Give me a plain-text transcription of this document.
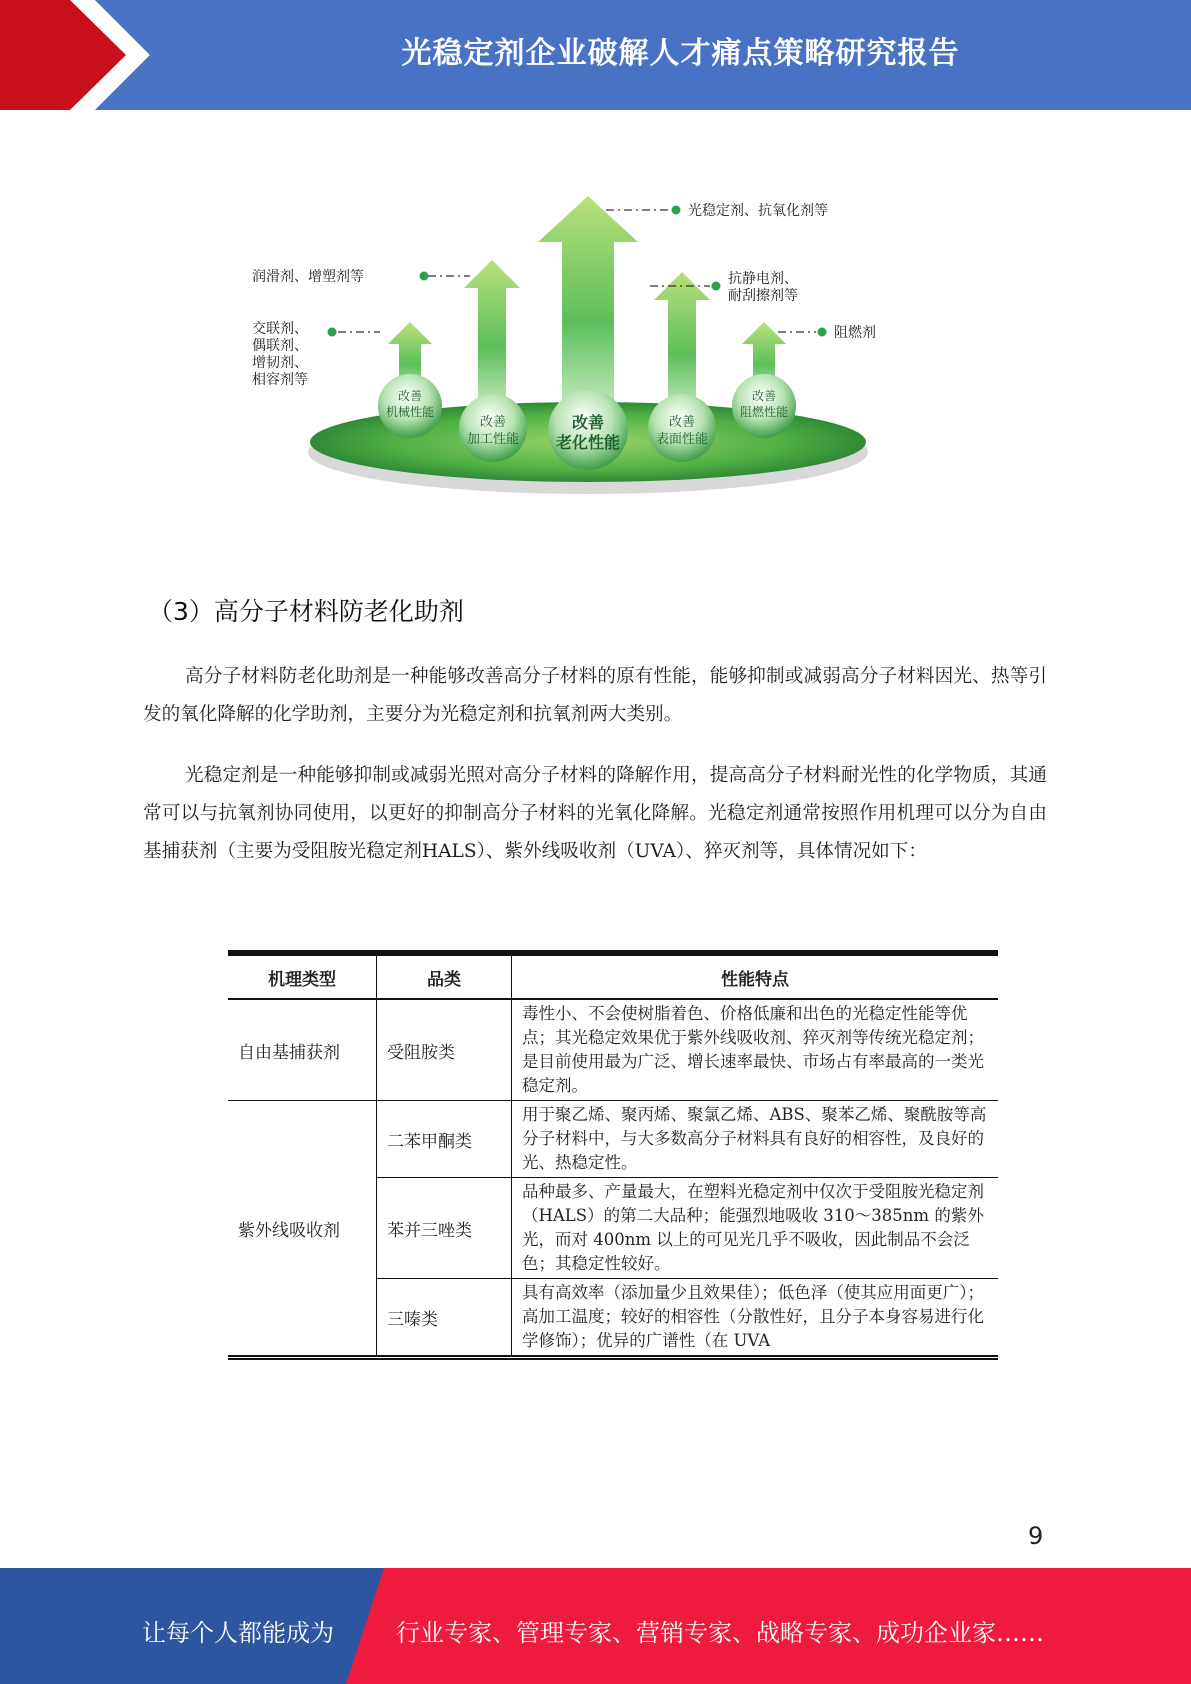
光稳定剂企业破解人才痛点策略研究报告
改善
机械性能
改善
加工性能
改善
老化性能
改善
表面性能
改善
阻燃性能
光稳定剂、抗氧化剂等
润滑剂、增塑剂等
交联剂、
偶联剂、
增韧剂、
相容剂等
抗静电剂、
耐刮擦剂等
阻燃剂
（3）高分子材料防老化助剂

高分子材料防老化助剂是一种能够改善高分子材料的原有性能，能够抑制或减弱高分子材料因光、热等引发的氧化降解的化学助剂，主要分为光稳定剂和抗氧剂两大类别。

光稳定剂是一种能够抑制或减弱光照对高分子材料的降解作用，提高高分子材料耐光性的化学物质，其通常可以与抗氧剂协同使用，以更好的抑制高分子材料的光氧化降解。光稳定剂通常按照作用机理可以分为自由基捕获剂（主要为受阻胺光稳定剂HALS）、紫外线吸收剂（UVA）、猝灭剂等，具体情况如下：

机理类型	品类	性能特点
自由基捕获剂	受阻胺类	毒性小、不会使树脂着色、价格低廉和出色的光稳定性能等优点；其光稳定效果优于紫外线吸收剂、猝灭剂等传统光稳定剂；是目前使用最为广泛、增长速率最快、市场占有率最高的一类光稳定剂。
紫外线吸收剂	二苯甲酮类	用于聚乙烯、聚丙烯、聚氯乙烯、ABS、聚苯乙烯、聚酰胺等高分子材料中，与大多数高分子材料具有良好的相容性，及良好的光、热稳定性。
	苯并三唑类	品种最多、产量最大，在塑料光稳定剂中仅次于受阻胺光稳定剂（HALS）的第二大品种；能强烈地吸收 310～385nm 的紫外光，而对 400nm 以上的可见光几乎不吸收，因此制品不会泛色；其稳定性较好。
	三嗪类	具有高效率（添加量少且效果佳）；低色泽（使其应用面更广）；高加工温度；较好的相容性（分散性好，且分子本身容易进行化学修饰）；优异的广谱性（在 UVA
9
让每个人都能成为	行业专家、管理专家、营销专家、战略专家、成功企业家……
